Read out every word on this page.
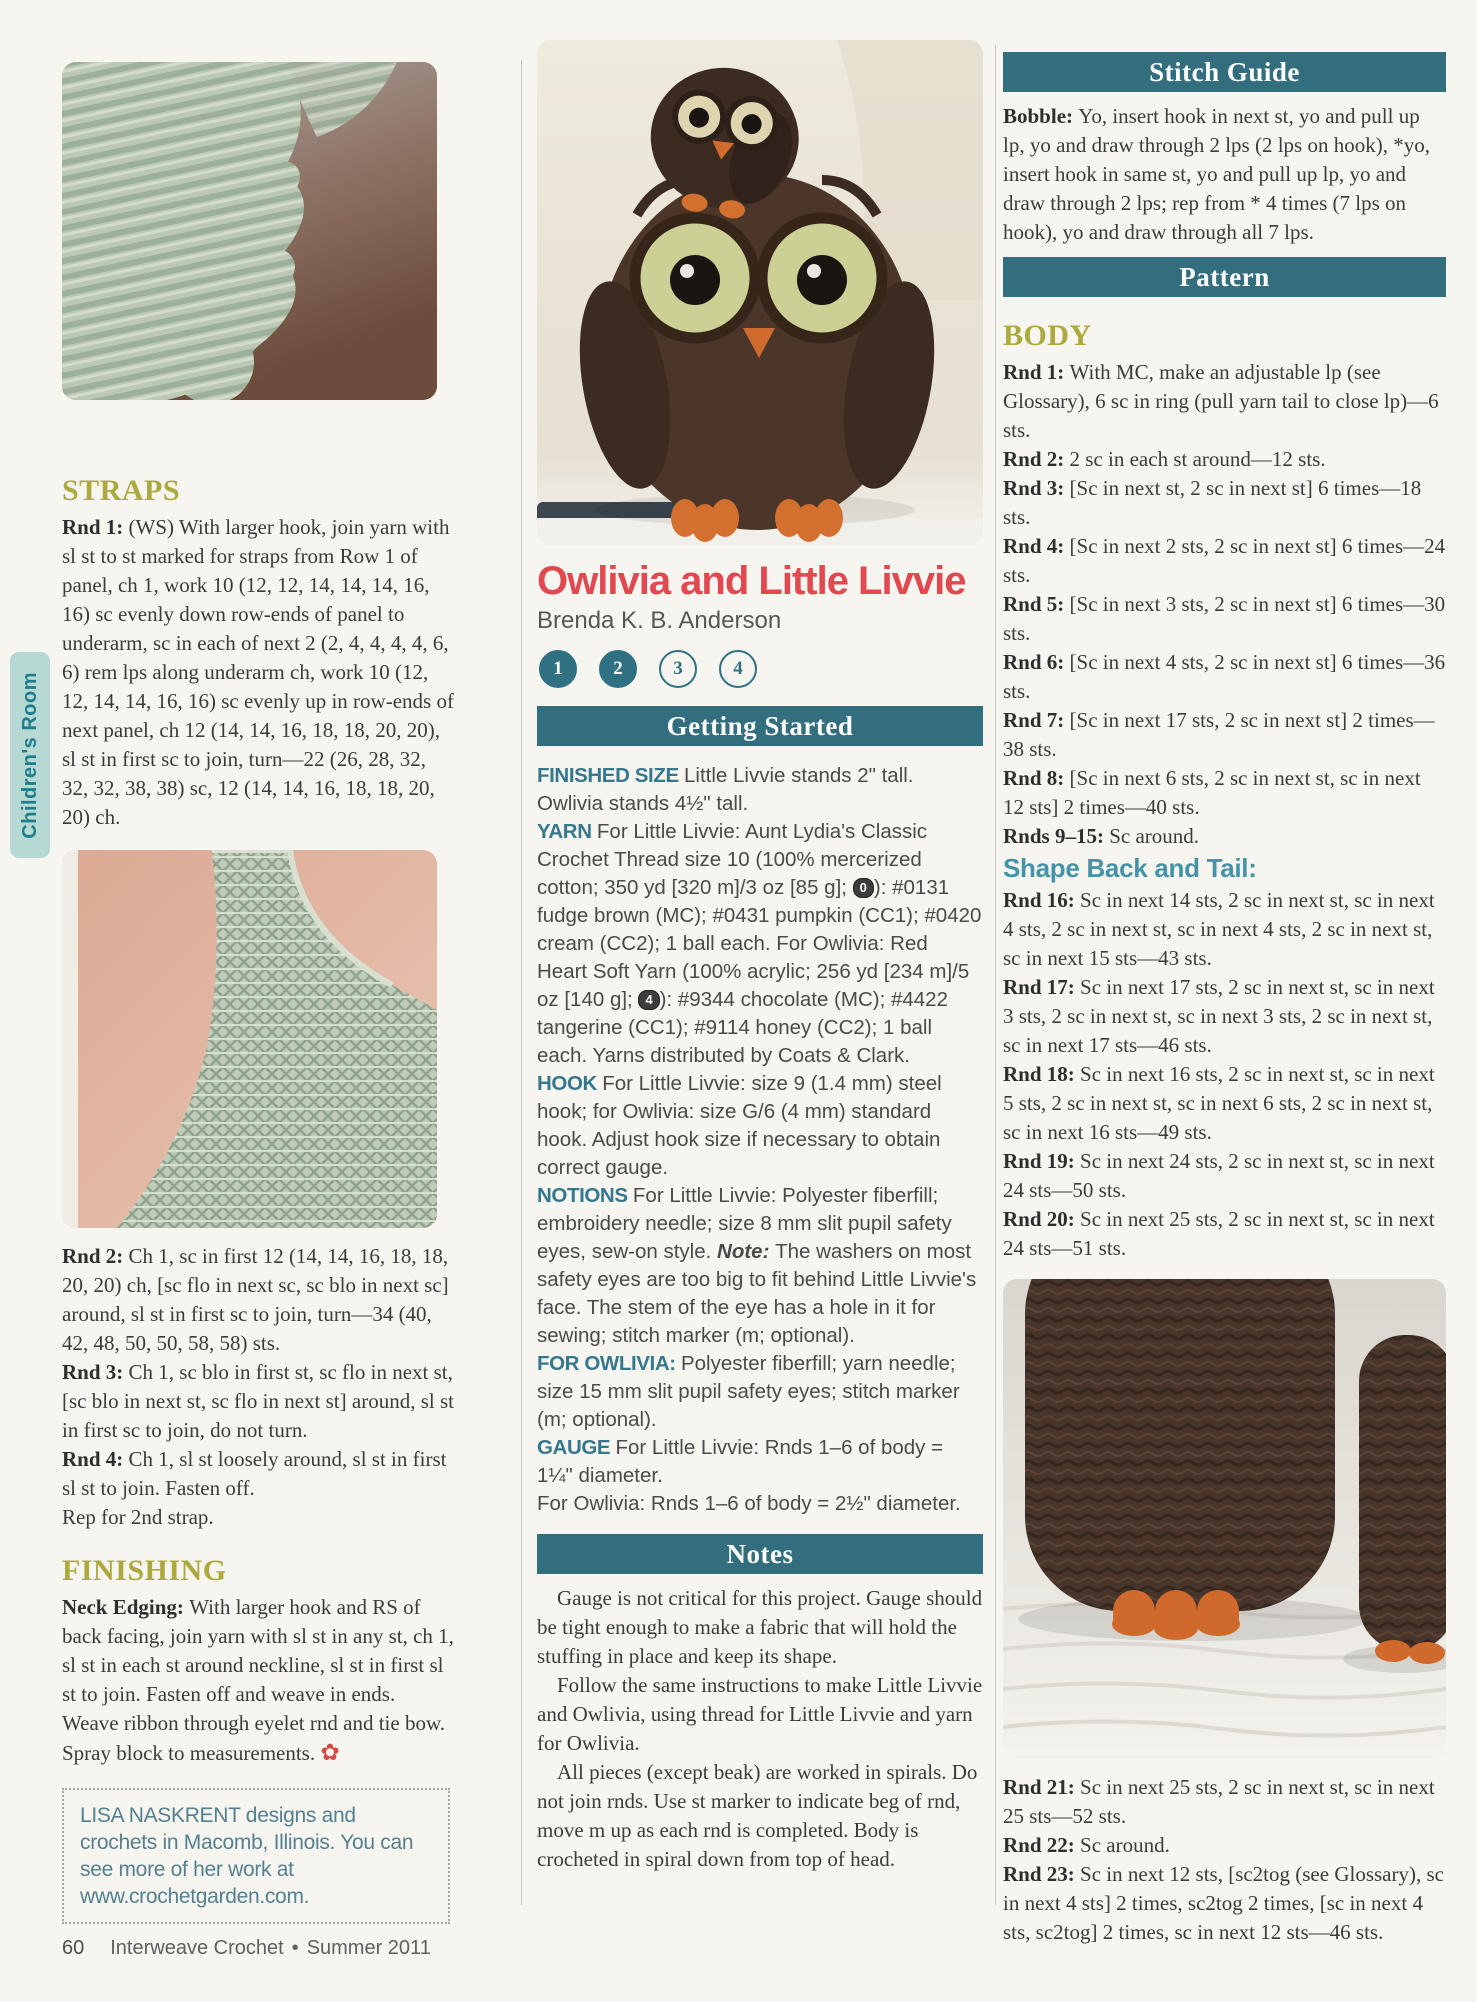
Children's Room
STRAPS

Rnd 1: (WS) With larger hook, join yarn with sl st to st marked for straps from Row 1 of panel, ch 1, work 10 (12, 12, 14, 14, 14, 16, 16) sc evenly down row-ends of panel to underarm, sc in each of next 2 (2, 4, 4, 4, 4, 6, 6) rem lps along underarm ch, work 10 (12, 12, 14, 14, 16, 16) sc evenly up in row-ends of next panel, ch 12 (14, 14, 16, 18, 18, 20, 20), sl st in first sc to join, turn—22 (26, 28, 32, 32, 32, 38, 38) sc, 12 (14, 14, 16, 18, 18, 20, 20) ch.

Rnd 2: Ch 1, sc in first 12 (14, 14, 16, 18, 18, 20, 20) ch, [sc flo in next sc, sc blo in next sc] around, sl st in first sc to join, turn—34 (40, 42, 48, 50, 50, 58, 58) sts.

Rnd 3: Ch 1, sc blo in first st, sc flo in next st, [sc blo in next st, sc flo in next st] around, sl st in first sc to join, do not turn.

Rnd 4: Ch 1, sl st loosely around, sl st in first sl st to join. Fasten off.

Rep for 2nd strap.

FINISHING

Neck Edging: With larger hook and RS of back facing, join yarn with sl st in any st, ch 1, sl st in each st around neckline, sl st in first sl st to join. Fasten off and weave in ends. Weave ribbon through eyelet rnd and tie bow. Spray block to measurements. ✿

LISA NASKRENT designs and crochets in Macomb, Illinois. You can see more of her work at www.crochetgarden.com.

Owlivia and Little Livvie
Brenda K. B. Anderson
1	2	3	4
Getting Started

FINISHED SIZE Little Livvie stands 2" tall. Owlivia stands 4½" tall.

YARN For Little Livvie: Aunt Lydia's Classic Crochet Thread size 10 (100% mercerized cotton; 350 yd [320 m]/3 oz [85 g]; 0 ): #0131 fudge brown (MC); #0431 pumpkin (CC1); #0420 cream (CC2); 1 ball each. For Owlivia: Red Heart Soft Yarn (100% acrylic; 256 yd [234 m]/5 oz [140 g]; 4 ): #9344 chocolate (MC); #4422 tangerine (CC1); #9114 honey (CC2); 1 ball each. Yarns distributed by Coats & Clark.

HOOK For Little Livvie: size 9 (1.4 mm) steel hook; for Owlivia: size G/6 (4 mm) standard hook. Adjust hook size if necessary to obtain correct gauge.

NOTIONS For Little Livvie: Polyester fiberfill; embroidery needle; size 8 mm slit pupil safety eyes, sew-on style. Note: The washers on most safety eyes are too big to fit behind Little Livvie's face. The stem of the eye has a hole in it for sewing; stitch marker (m; optional).

FOR OWLIVIA: Polyester fiberfill; yarn needle; size 15 mm slit pupil safety eyes; stitch marker (m; optional).

GAUGE For Little Livvie: Rnds 1–6 of body = 1¼" diameter.

For Owlivia: Rnds 1–6 of body = 2½" diameter.

Notes

Gauge is not critical for this project. Gauge should be tight enough to make a fabric that will hold the stuffing in place and keep its shape.

Follow the same instructions to make Little Livvie and Owlivia, using thread for Little Livvie and yarn for Owlivia.

All pieces (except beak) are worked in spirals. Do not join rnds. Use st marker to indicate beg of rnd, move m up as each rnd is completed. Body is crocheted in spiral down from top of head.

Stitch Guide

Bobble: Yo, insert hook in next st, yo and pull up lp, yo and draw through 2 lps (2 lps on hook), *yo, insert hook in same st, yo and pull up lp, yo and draw through 2 lps; rep from * 4 times (7 lps on hook), yo and draw through all 7 lps.

Pattern
BODY

Rnd 1: With MC, make an adjustable lp (see Glossary), 6 sc in ring (pull yarn tail to close lp)—6 sts.

Rnd 2: 2 sc in each st around—12 sts.

Rnd 3: [Sc in next st, 2 sc in next st] 6 times—18 sts.

Rnd 4: [Sc in next 2 sts, 2 sc in next st] 6 times—24 sts.

Rnd 5: [Sc in next 3 sts, 2 sc in next st] 6 times—30 sts.

Rnd 6: [Sc in next 4 sts, 2 sc in next st] 6 times—36 sts.

Rnd 7: [Sc in next 17 sts, 2 sc in next st] 2 times—38 sts.

Rnd 8: [Sc in next 6 sts, 2 sc in next st, sc in next 12 sts] 2 times—40 sts.

Rnds 9–15: Sc around.

Shape Back and Tail:

Rnd 16: Sc in next 14 sts, 2 sc in next st, sc in next 4 sts, 2 sc in next st, sc in next 4 sts, 2 sc in next st, sc in next 15 sts—43 sts.

Rnd 17: Sc in next 17 sts, 2 sc in next st, sc in next 3 sts, 2 sc in next st, sc in next 3 sts, 2 sc in next st, sc in next 17 sts—46 sts.

Rnd 18: Sc in next 16 sts, 2 sc in next st, sc in next 5 sts, 2 sc in next st, sc in next 6 sts, 2 sc in next st, sc in next 16 sts—49 sts.

Rnd 19: Sc in next 24 sts, 2 sc in next st, sc in next 24 sts—50 sts.

Rnd 20: Sc in next 25 sts, 2 sc in next st, sc in next 24 sts—51 sts.

Rnd 21: Sc in next 25 sts, 2 sc in next st, sc in next 25 sts—52 sts.

Rnd 22: Sc around.

Rnd 23: Sc in next 12 sts, [sc2tog (see Glossary), sc in next 4 sts] 2 times, sc2tog 2 times, [sc in next 4 sts, sc2tog] 2 times, sc in next 12 sts—46 sts.

60 Interweave Crochet • Summer 2011
